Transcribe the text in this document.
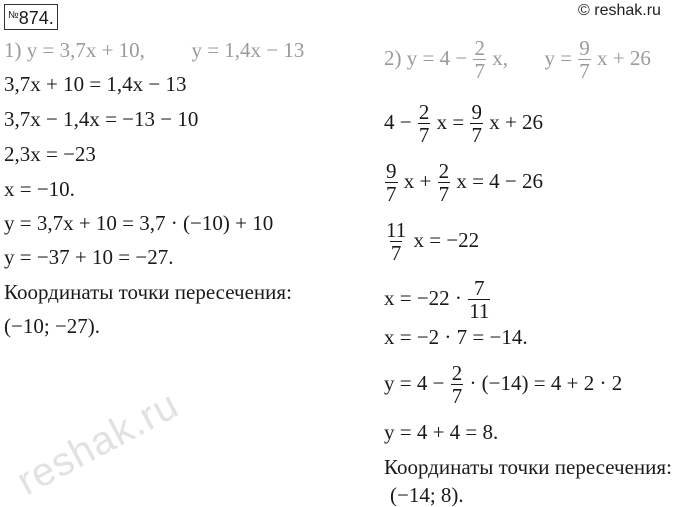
№874.	© reshak.ru
reshak.ru
1) y = 3,7x + 10, y = 1,4x − 13
3,7x + 10 = 1,4x − 13
3,7x − 1,4x = −13 − 10
2,3x = −23
x = −10.
y = 3,7x + 10 = 3,7 · (−10) + 10
y = −37 + 10 = −27.
Координаты точки пересечения:
(−10; −27).
2) $y = 4 - \frac{2}{7} x$, $y = \frac{9}{7}$ x + 26
$4 - \frac{2}{7}$ $x = \frac{9}{7}$ x + 26
$\frac{9}{7}$ $x + \frac{2}{7}$ x = 4 − 26
$\frac{11}{7}$ x = −22
$x = -22 \cdot \frac{7}{11}$
x = −2 · 7 = −14.
$y = 4 - \frac{2}{7} \cdot (-14) = 4 + 2 \cdot 2$
y = 4 + 4 = 8.
Координаты точки пересечения:
(−14; 8).
